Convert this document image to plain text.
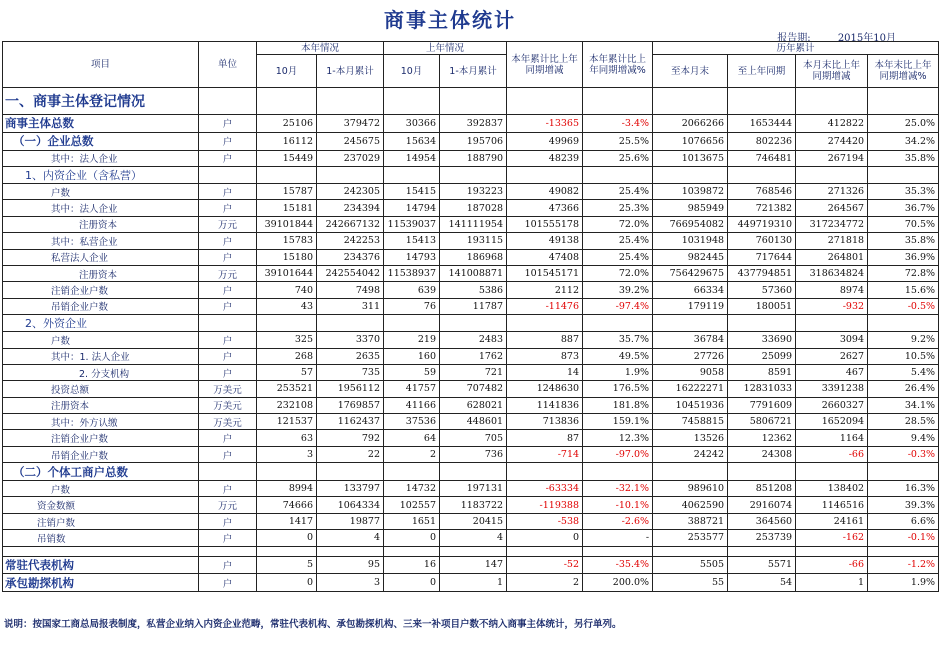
商事主体统计
报告期:	2015年10月
项目	单位	本年情况		上年情况		本年累计比上年同期增减	本年累计比上年同期增减%	历年累计			
		10月	1-本月累计	10月	1-本月累计			至本月末	至上年同期	本月末比上年同期增减	本年末比上年同期增减%
一、商事主体登记情况											
商事主体总数	户	25106	379472	30366	392837	-13365	-3.4%	2066266	1653444	412822	25.0%
（一）企业总数	户	16112	245675	15634	195706	49969	25.5%	1076656	802236	274420	34.2%
其中：法人企业	户	15449	237029	14954	188790	48239	25.6%	1013675	746481	267194	35.8%
1、内资企业（含私营）											
户数	户	15787	242305	15415	193223	49082	25.4%	1039872	768546	271326	35.3%
其中：法人企业	户	15181	234394	14794	187028	47366	25.3%	985949	721382	264567	36.7%
注册资本	万元	39101844	242667132	11539037	141111954	101555178	72.0%	766954082	449719310	317234772	70.5%
其中：私营企业	户	15783	242253	15413	193115	49138	25.4%	1031948	760130	271818	35.8%
私营法人企业	户	15180	234376	14793	186968	47408	25.4%	982445	717644	264801	36.9%
注册资本	万元	39101644	242554042	11538937	141008871	101545171	72.0%	756429675	437794851	318634824	72.8%
注销企业户数	户	740	7498	639	5386	2112	39.2%	66334	57360	8974	15.6%
吊销企业户数	户	43	311	76	11787	-11476	-97.4%	179119	180051	-932	-0.5%
2、外资企业											
户数	户	325	3370	219	2483	887	35.7%	36784	33690	3094	9.2%
其中：1. 法人企业	户	268	2635	160	1762	873	49.5%	27726	25099	2627	10.5%
2. 分支机构	户	57	735	59	721	14	1.9%	9058	8591	467	5.4%
投资总额	万美元	253521	1956112	41757	707482	1248630	176.5%	16222271	12831033	3391238	26.4%
注册资本	万美元	232108	1769857	41166	628021	1141836	181.8%	10451936	7791609	2660327	34.1%
其中：外方认缴	万美元	121537	1162437	37536	448601	713836	159.1%	7458815	5806721	1652094	28.5%
注销企业户数	户	63	792	64	705	87	12.3%	13526	12362	1164	9.4%
吊销企业户数	户	3	22	2	736	-714	-97.0%	24242	24308	-66	-0.3%
（二）个体工商户总数											
户数	户	8994	133797	14732	197131	-63334	-32.1%	989610	851208	138402	16.3%
资金数额	万元	74666	1064334	102557	1183722	-119388	-10.1%	4062590	2916074	1146516	39.3%
注销户数	户	1417	19877	1651	20415	-538	-2.6%	388721	364560	24161	6.6%
吊销数	户	0	4	0	4	0	-	253577	253739	-162	-0.1%

常驻代表机构	户	5	95	16	147	-52	-35.4%	5505	5571	-66	-1.2%
承包勘探机构	户	0	3	0	1	2	200.0%	55	54	1	1.9%
说明：按国家工商总局报表制度，私营企业纳入内资企业范畴，常驻代表机构、承包勘探机构、三来一补项目户数不纳入商事主体统计，另行单列。
